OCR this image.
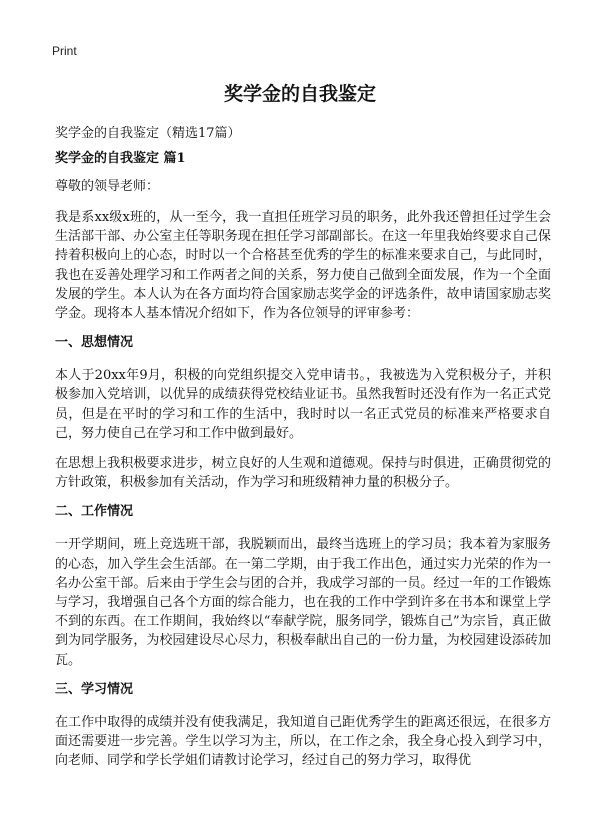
Print
奖学金的自我鉴定
奖学金的自我鉴定（精选17篇）

奖学金的自我鉴定 篇1

尊敬的领导老师：

我是系xx级x班的，从一至今，我一直担任班学习员的职务，此外我还曾担任过学生会生活部干部、办公室主任等职务现在担任学习部副部长。在这一年里我始终要求自己保持着积极向上的心态，时时以一个合格甚至优秀的学生的标准来要求自己，与此同时，我也在妥善处理学习和工作两者之间的关系，努力使自己做到全面发展，作为一个全面发展的学生。本人认为在各方面均符合国家励志奖学金的评选条件，故申请国家励志奖学金。现将本人基本情况介绍如下，作为各位领导的评审参考：

一、思想情况

本人于20xx年9月，积极的向党组织提交入党申请书。，我被选为入党积极分子，并积极参加入党培训，以优异的成绩获得党校结业证书。虽然我暂时还没有作为一名正式党员，但是在平时的学习和工作的生活中，我时时以一名正式党员的标准来严格要求自己，努力使自己在学习和工作中做到最好。

在思想上我积极要求进步，树立良好的人生观和道德观。保持与时俱进，正确贯彻党的方针政策，积极参加有关活动，作为学习和班级精神力量的积极分子。

二、工作情况

一开学期间，班上竞选班干部，我脱颖而出，最终当选班上的学习员；我本着为家服务的心态，加入学生会生活部。在一第二学期，由于我工作出色，通过实力光荣的作为一名办公室干部。后来由于学生会与团的合并，我成学习部的一员。经过一年的工作锻炼与学习，我增强自己各个方面的综合能力，也在我的工作中学到许多在书本和课堂上学不到的东西。在工作期间，我始终以“奉献学院，服务同学，锻炼自己”为宗旨，真正做到为同学服务，为校园建设尽心尽力，积极奉献出自己的一份力量，为校园建设添砖加瓦。

三、学习情况

在工作中取得的成绩并没有使我满足，我知道自己距优秀学生的距离还很远，在很多方面还需要进一步完善。学生以学习为主，所以，在工作之余，我全身心投入到学习中，向老师、同学和学长学姐们请教讨论学习，经过自己的努力学习，取得优
